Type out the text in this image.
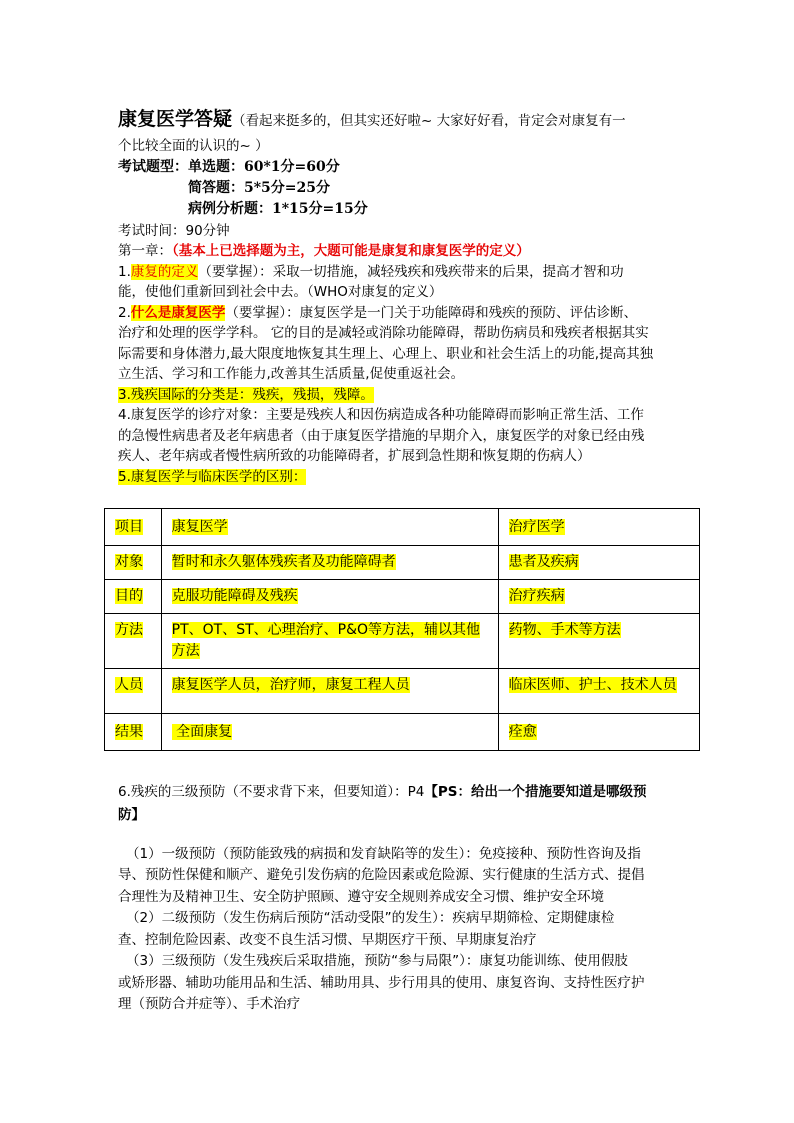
康复医学答疑（看起来挺多的，但其实还好啦~ 大家好好看，肯定会对康复有一
个比较全面的认识的~ ）
考试题型：单选题：60*1分=60分
简答题：5*5分=25分
病例分析题：1*15分=15分
考试时间：90分钟
第一章：（基本上已选择题为主，大题可能是康复和康复医学的定义）
1.康复的定义（要掌握）：采取一切措施，减轻残疾和残疾带来的后果，提高才智和功
能，使他们重新回到社会中去。（WHO对康复的定义）
2.什么是康复医学（要掌握）：康复医学是一门关于功能障碍和残疾的预防、评估诊断、
治疗和处理的医学学科。 它的目的是减轻或消除功能障碍，帮助伤病员和残疾者根据其实
际需要和身体潜力,最大限度地恢复其生理上、心理上、职业和社会生活上的功能,提高其独
立生活、学习和工作能力,改善其生活质量,促使重返社会。
3.残疾国际的分类是：残疾，残损，残障。
4.康复医学的诊疗对象：主要是残疾人和因伤病造成各种功能障碍而影响正常生活、工作
的急慢性病患者及老年病患者（由于康复医学措施的早期介入，康复医学的对象已经由残
疾人、老年病或者慢性病所致的功能障碍者，扩展到急性期和恢复期的伤病人）
5.康复医学与临床医学的区别：
项目	康复医学	治疗医学
对象	暂时和永久躯体残疾者及功能障碍者	患者及疾病
目的	克服功能障碍及残疾	治疗疾病
方法	PT、OT、ST、心理治疗、P&O等方法，辅以其他方法	药物、手术等方法
人员	康复医学人员，治疗师，康复工程人员	临床医师、护士、技术人员
结果	全面康复	痊愈
6.残疾的三级预防（不要求背下来，但要知道）：P4【PS：给出一个措施要知道是哪级预
防】
（1）一级预防（预防能致残的病损和发育缺陷等的发生）：免疫接种、预防性咨询及指
导、预防性保健和顺产、避免引发伤病的危险因素或危险源、实行健康的生活方式、提倡
合理性为及精神卫生、安全防护照顾、遵守安全规则养成安全习惯、维护安全环境
（2）二级预防（发生伤病后预防“活动受限”的发生）：疾病早期筛检、定期健康检
查、控制危险因素、改变不良生活习惯、早期医疗干预、早期康复治疗
（3）三级预防（发生残疾后采取措施，预防“参与局限”）：康复功能训练、使用假肢
或矫形器、辅助功能用品和生活、辅助用具、步行用具的使用、康复咨询、支持性医疗护
理（预防合并症等）、手术治疗
